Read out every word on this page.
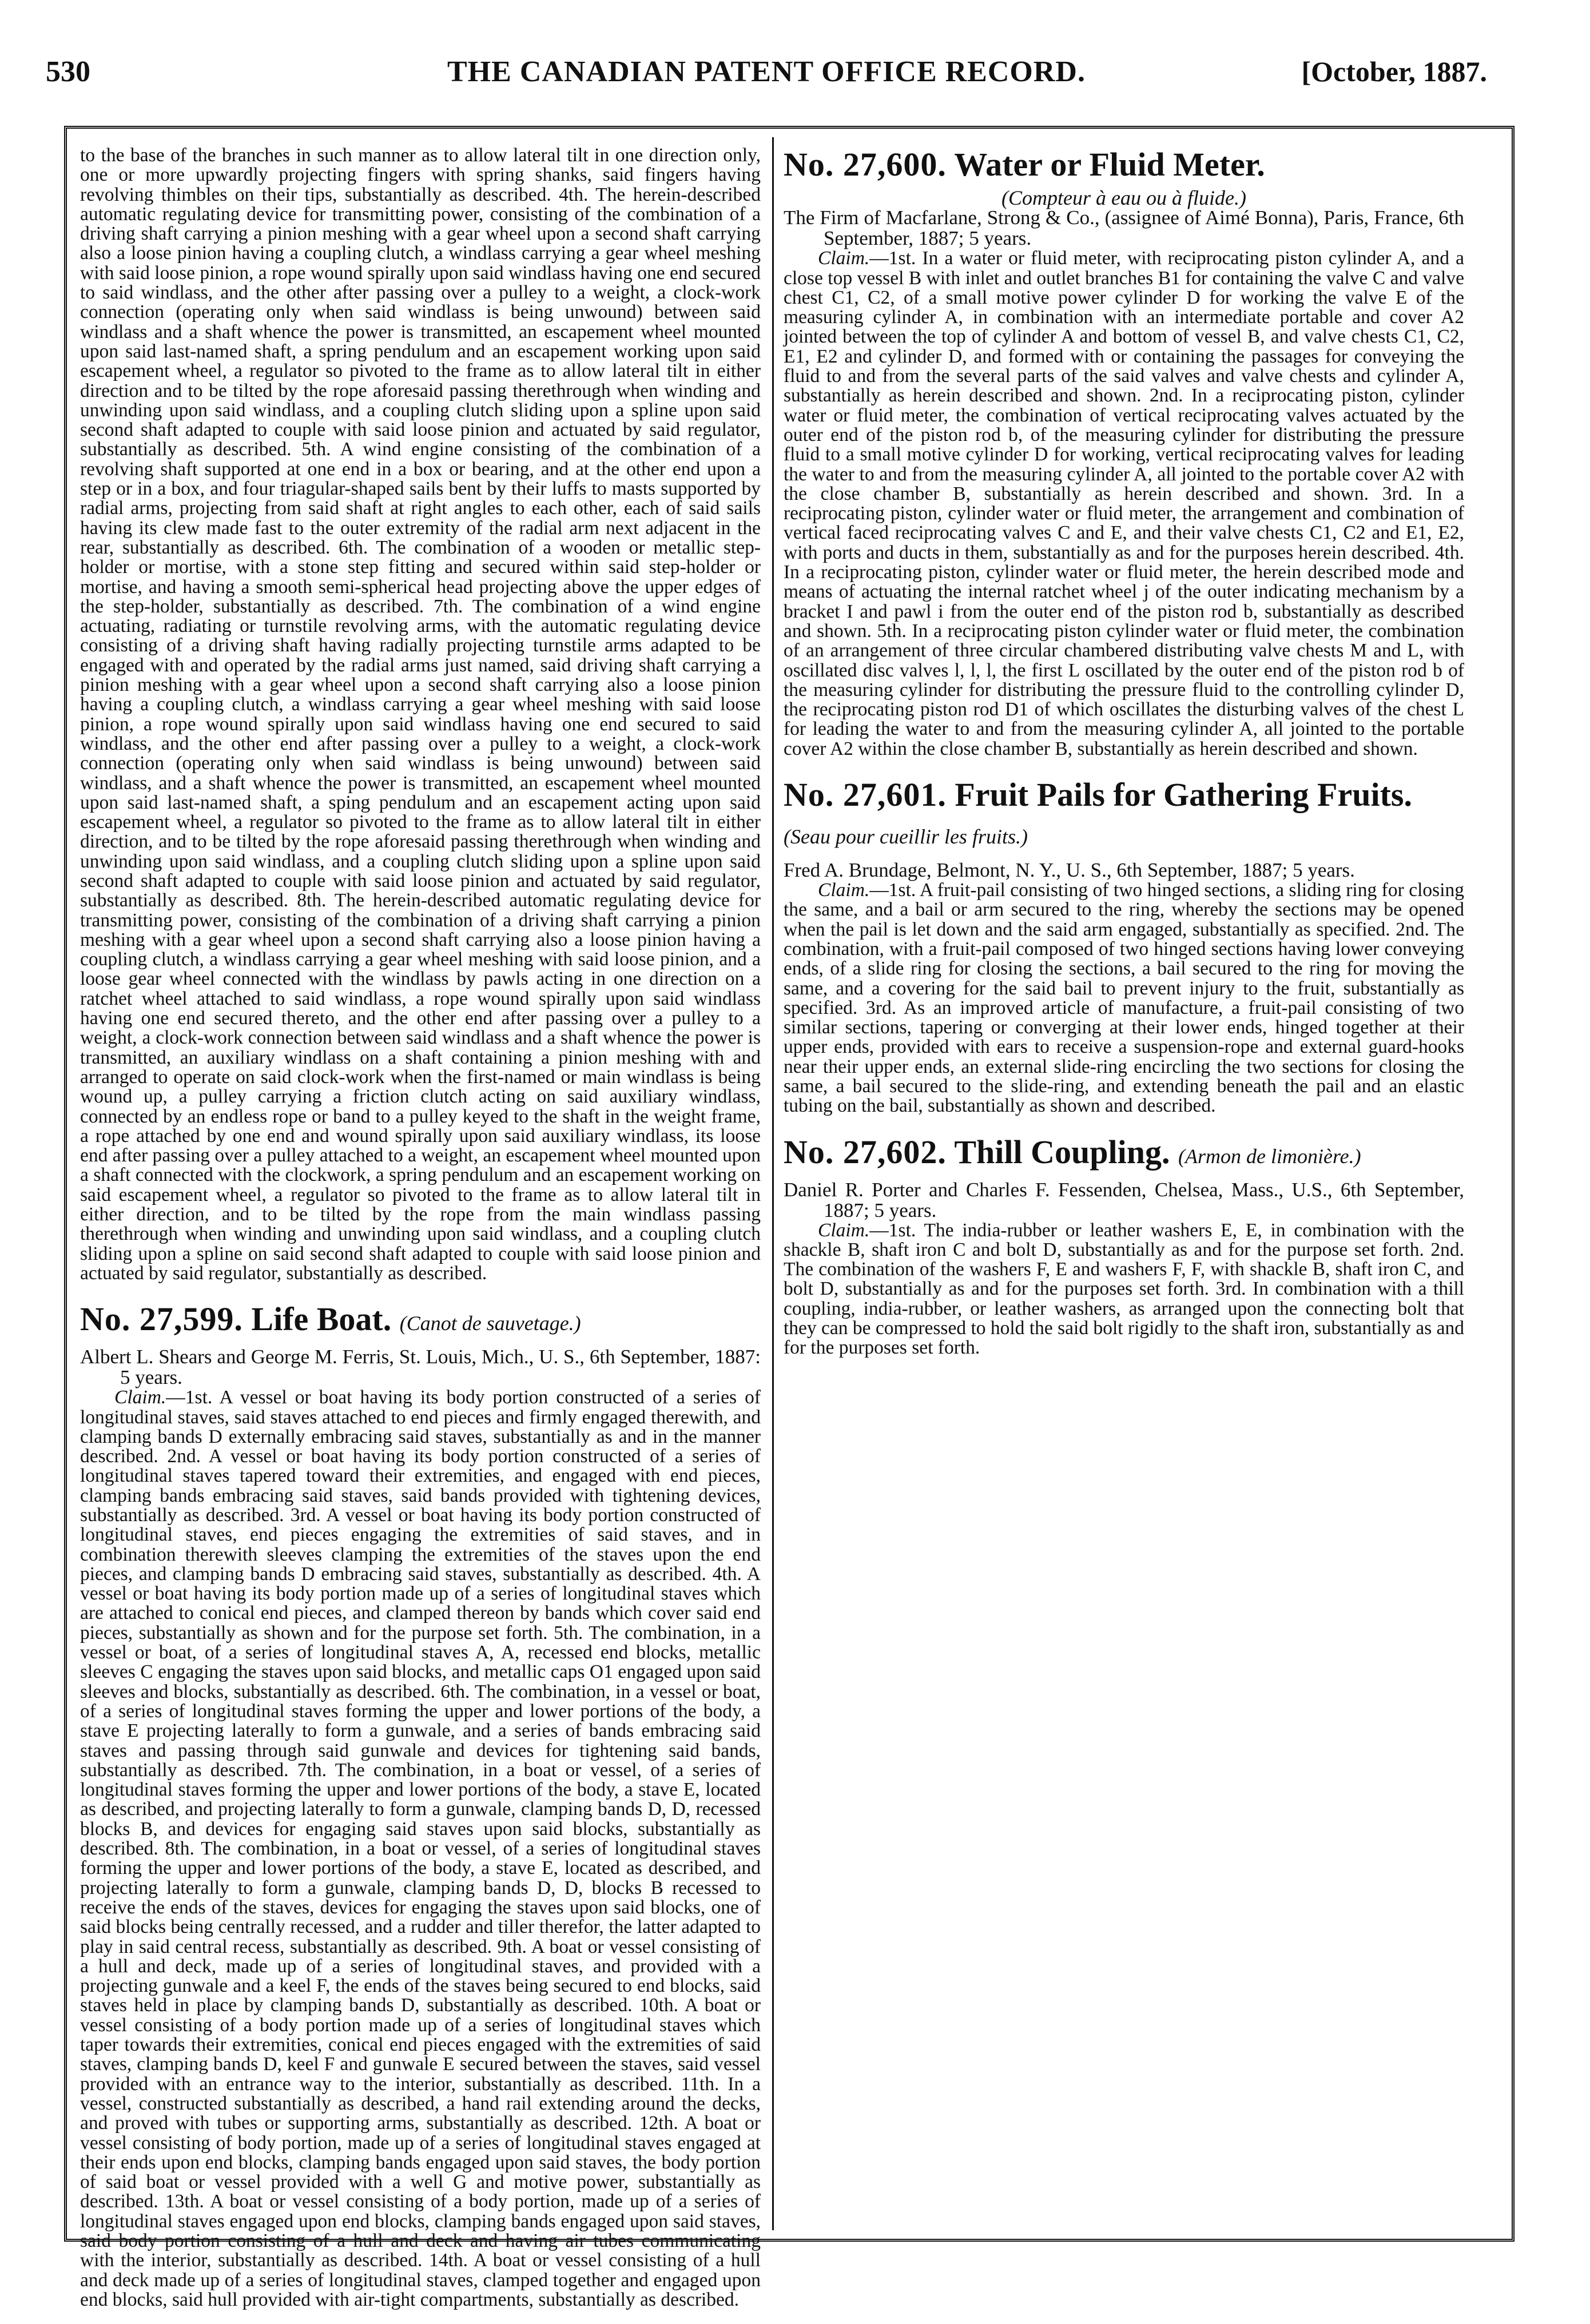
530	THE CANADIAN PATENT OFFICE RECORD.	[October, 1887.

to the base of the branches in such manner as to allow lateral tilt in one direction only, one or more upwardly projecting fingers with spring shanks, said fingers having revolving thimbles on their tips, substantially as described. 4th. The herein-described automatic regulating device for transmitting power, consisting of the combination of a driving shaft carrying a pinion meshing with a gear wheel upon a second shaft carrying also a loose pinion having a coupling clutch, a windlass carrying a gear wheel meshing with said loose pinion, a rope wound spirally upon said windlass having one end secured to said windlass, and the other after passing over a pulley to a weight, a clock-work connection (operating only when said windlass is being unwound) between said windlass and a shaft whence the power is transmitted, an escapement wheel mounted upon said last-named shaft, a spring pendulum and an escapement working upon said escapement wheel, a regulator so pivoted to the frame as to allow lateral tilt in either direction and to be tilted by the rope aforesaid passing therethrough when winding and unwinding upon said windlass, and a coupling clutch sliding upon a spline upon said second shaft adapted to couple with said loose pinion and actuated by said regulator, substantially as described. 5th. A wind engine consisting of the combination of a revolving shaft supported at one end in a box or bearing, and at the other end upon a step or in a box, and four triagular-shaped sails bent by their luffs to masts supported by radial arms, projecting from said shaft at right angles to each other, each of said sails having its clew made fast to the outer extremity of the radial arm next adjacent in the rear, substantially as described. 6th. The combination of a wooden or metallic step-holder or mortise, with a stone step fitting and secured within said step-holder or mortise, and having a smooth semi-spherical head projecting above the upper edges of the step-holder, substantially as described. 7th. The combination of a wind engine actuating, radiating or turnstile revolving arms, with the automatic regulating device consisting of a driving shaft having radially projecting turnstile arms adapted to be engaged with and operated by the radial arms just named, said driving shaft carrying a pinion meshing with a gear wheel upon a second shaft carrying also a loose pinion having a coupling clutch, a windlass carrying a gear wheel meshing with said loose pinion, a rope wound spirally upon said windlass having one end secured to said windlass, and the other end after passing over a pulley to a weight, a clock-work connection (operating only when said windlass is being unwound) between said windlass, and a shaft whence the power is transmitted, an escapement wheel mounted upon said last-named shaft, a sping pendulum and an escapement acting upon said escapement wheel, a regulator so pivoted to the frame as to allow lateral tilt in either direction, and to be tilted by the rope aforesaid passing therethrough when winding and unwinding upon said windlass, and a coupling clutch sliding upon a spline upon said second shaft adapted to couple with said loose pinion and actuated by said regulator, substantially as described. 8th. The herein-described automatic regulating device for transmitting power, consisting of the combination of a driving shaft carrying a pinion meshing with a gear wheel upon a second shaft carrying also a loose pinion having a coupling clutch, a windlass carrying a gear wheel meshing with said loose pinion, and a loose gear wheel connected with the windlass by pawls acting in one direction on a ratchet wheel attached to said windlass, a rope wound spirally upon said windlass having one end secured thereto, and the other end after passing over a pulley to a weight, a clock-work connection between said windlass and a shaft whence the power is transmitted, an auxiliary windlass on a shaft containing a pinion meshing with and arranged to operate on said clock-work when the first-named or main windlass is being wound up, a pulley carrying a friction clutch acting on said auxiliary windlass, connected by an endless rope or band to a pulley keyed to the shaft in the weight frame, a rope attached by one end and wound spirally upon said auxiliary windlass, its loose end after passing over a pulley attached to a weight, an escapement wheel mounted upon a shaft connected with the clockwork, a spring pendulum and an escapement working on said escapement wheel, a regulator so pivoted to the frame as to allow lateral tilt in either direction, and to be tilted by the rope from the main windlass passing therethrough when winding and unwinding upon said windlass, and a coupling clutch sliding upon a spline on said second shaft adapted to couple with said loose pinion and actuated by said regulator, substantially as described.

No. 27,599. Life Boat. (Canot de sauvetage.)

Albert L. Shears and George M. Ferris, St. Louis, Mich., U. S., 6th September, 1887: 5 years.

Claim.—1st. A vessel or boat having its body portion constructed of a series of longitudinal staves, said staves attached to end pieces and firmly engaged therewith, and clamping bands D externally embracing said staves, substantially as and in the manner described. 2nd. A vessel or boat having its body portion constructed of a series of longitudinal staves tapered toward their extremities, and engaged with end pieces, clamping bands embracing said staves, said bands provided with tightening devices, substantially as described. 3rd. A vessel or boat having its body portion constructed of longitudinal staves, end pieces engaging the extremities of said staves, and in combination therewith sleeves clamping the extremities of the staves upon the end pieces, and clamping bands D embracing said staves, substantially as described. 4th. A vessel or boat having its body portion made up of a series of longitudinal staves which are attached to conical end pieces, and clamped thereon by bands which cover said end pieces, substantially as shown and for the purpose set forth. 5th. The combination, in a vessel or boat, of a series of longitudinal staves A, A, recessed end blocks, metallic sleeves C engaging the staves upon said blocks, and metallic caps O1 engaged upon said sleeves and blocks, substantially as described. 6th. The combination, in a vessel or boat, of a series of longitudinal staves forming the upper and lower portions of the body, a stave E projecting laterally to form a gunwale, and a series of bands embracing said staves and passing through said gunwale and devices for tightening said bands, substantially as described. 7th. The combination, in a boat or vessel, of a series of longitudinal staves forming the upper and lower portions of the body, a stave E, located as described, and projecting laterally to form a gunwale, clamping bands D, D, recessed blocks B, and devices for engaging said staves upon said blocks, substantially as described. 8th. The combination, in a boat or vessel, of a series of longitudinal staves forming the upper and lower portions of the body, a stave E, located as described, and projecting laterally to form a gunwale, clamping bands D, D, blocks B recessed to receive the ends of the staves, devices for engaging the staves upon said blocks, one of said blocks being centrally recessed, and a rudder and tiller therefor, the latter adapted to play in said central recess, substantially as described. 9th. A boat or vessel consisting of a hull and deck, made up of a series of longitudinal staves, and provided with a projecting gunwale and a keel F, the ends of the staves being secured to end blocks, said staves held in place by clamping bands D, substantially as described. 10th. A boat or vessel consisting of a body portion made up of a series of longitudinal staves which taper towards their extremities, conical end pieces engaged with the extremities of said staves, clamping bands D, keel F and gunwale E secured between the staves, said vessel provided with an entrance way to the interior, substantially as described. 11th. In a vessel, constructed substantially as described, a hand rail extending around the decks, and proved with tubes or supporting arms, substantially as described. 12th. A boat or vessel consisting of body portion, made up of a series of longitudinal staves engaged at their ends upon end blocks, clamping bands engaged upon said staves, the body portion of said boat or vessel provided with a well G and motive power, substantially as described. 13th. A boat or vessel consisting of a body portion, made up of a series of longitudinal staves engaged upon end blocks, clamping bands engaged upon said staves, said body portion consisting of a hull and deck and having air tubes communicating with the interior, substantially as described. 14th. A boat or vessel consisting of a hull and deck made up of a series of longitudinal staves, clamped together and engaged upon end blocks, said hull provided with air-tight compartments, substantially as described.

No. 27,600. Water or Fluid Meter.

(Compteur à eau ou à fluide.)

The Firm of Macfarlane, Strong & Co., (assignee of Aimé Bonna), Paris, France, 6th September, 1887; 5 years.

Claim.—1st. In a water or fluid meter, with reciprocating piston cylinder A, and a close top vessel B with inlet and outlet branches B1 for containing the valve C and valve chest C1, C2, of a small motive power cylinder D for working the valve E of the measuring cylinder A, in combination with an intermediate portable and cover A2 jointed between the top of cylinder A and bottom of vessel B, and valve chests C1, C2, E1, E2 and cylinder D, and formed with or containing the passages for conveying the fluid to and from the several parts of the said valves and valve chests and cylinder A, substantially as herein described and shown. 2nd. In a reciprocating piston, cylinder water or fluid meter, the combination of vertical reciprocating valves actuated by the outer end of the piston rod b, of the measuring cylinder for distributing the pressure fluid to a small motive cylinder D for working, vertical reciprocating valves for leading the water to and from the measuring cylinder A, all jointed to the portable cover A2 with the close chamber B, substantially as herein described and shown. 3rd. In a reciprocating piston, cylinder water or fluid meter, the arrangement and combination of vertical faced reciprocating valves C and E, and their valve chests C1, C2 and E1, E2, with ports and ducts in them, substantially as and for the purposes herein described. 4th. In a reciprocating piston, cylinder water or fluid meter, the herein described mode and means of actuating the internal ratchet wheel j of the outer indicating mechanism by a bracket I and pawl i from the outer end of the piston rod b, substantially as described and shown. 5th. In a reciprocating piston cylinder water or fluid meter, the combination of an arrangement of three circular chambered distributing valve chests M and L, with oscillated disc valves l, l, l, the first L oscillated by the outer end of the piston rod b of the measuring cylinder for distributing the pressure fluid to the controlling cylinder D, the reciprocating piston rod D1 of which oscillates the disturbing valves of the chest L for leading the water to and from the measuring cylinder A, all jointed to the portable cover A2 within the close chamber B, substantially as herein described and shown.

No. 27,601. Fruit Pails for Gathering Fruits. (Seau pour cueillir les fruits.)

Fred A. Brundage, Belmont, N. Y., U. S., 6th September, 1887; 5 years.

Claim.—1st. A fruit-pail consisting of two hinged sections, a sliding ring for closing the same, and a bail or arm secured to the ring, whereby the sections may be opened when the pail is let down and the said arm engaged, substantially as specified. 2nd. The combination, with a fruit-pail composed of two hinged sections having lower conveying ends, of a slide ring for closing the sections, a bail secured to the ring for moving the same, and a covering for the said bail to prevent injury to the fruit, substantially as specified. 3rd. As an improved article of manufacture, a fruit-pail consisting of two similar sections, tapering or converging at their lower ends, hinged together at their upper ends, provided with ears to receive a suspension-rope and external guard-hooks near their upper ends, an external slide-ring encircling the two sections for closing the same, a bail secured to the slide-ring, and extending beneath the pail and an elastic tubing on the bail, substantially as shown and described.

No. 27,602. Thill Coupling. (Armon de limonière.)

Daniel R. Porter and Charles F. Fessenden, Chelsea, Mass., U.S., 6th September, 1887; 5 years.

Claim.—1st. The india-rubber or leather washers E, E, in combination with the shackle B, shaft iron C and bolt D, substantially as and for the purpose set forth. 2nd. The combination of the washers F, E and washers F, F, with shackle B, shaft iron C, and bolt D, substantially as and for the purposes set forth. 3rd. In combination with a thill coupling, india-rubber, or leather washers, as arranged upon the connecting bolt that they can be compressed to hold the said bolt rigidly to the shaft iron, substantially as and for the purposes set forth.
